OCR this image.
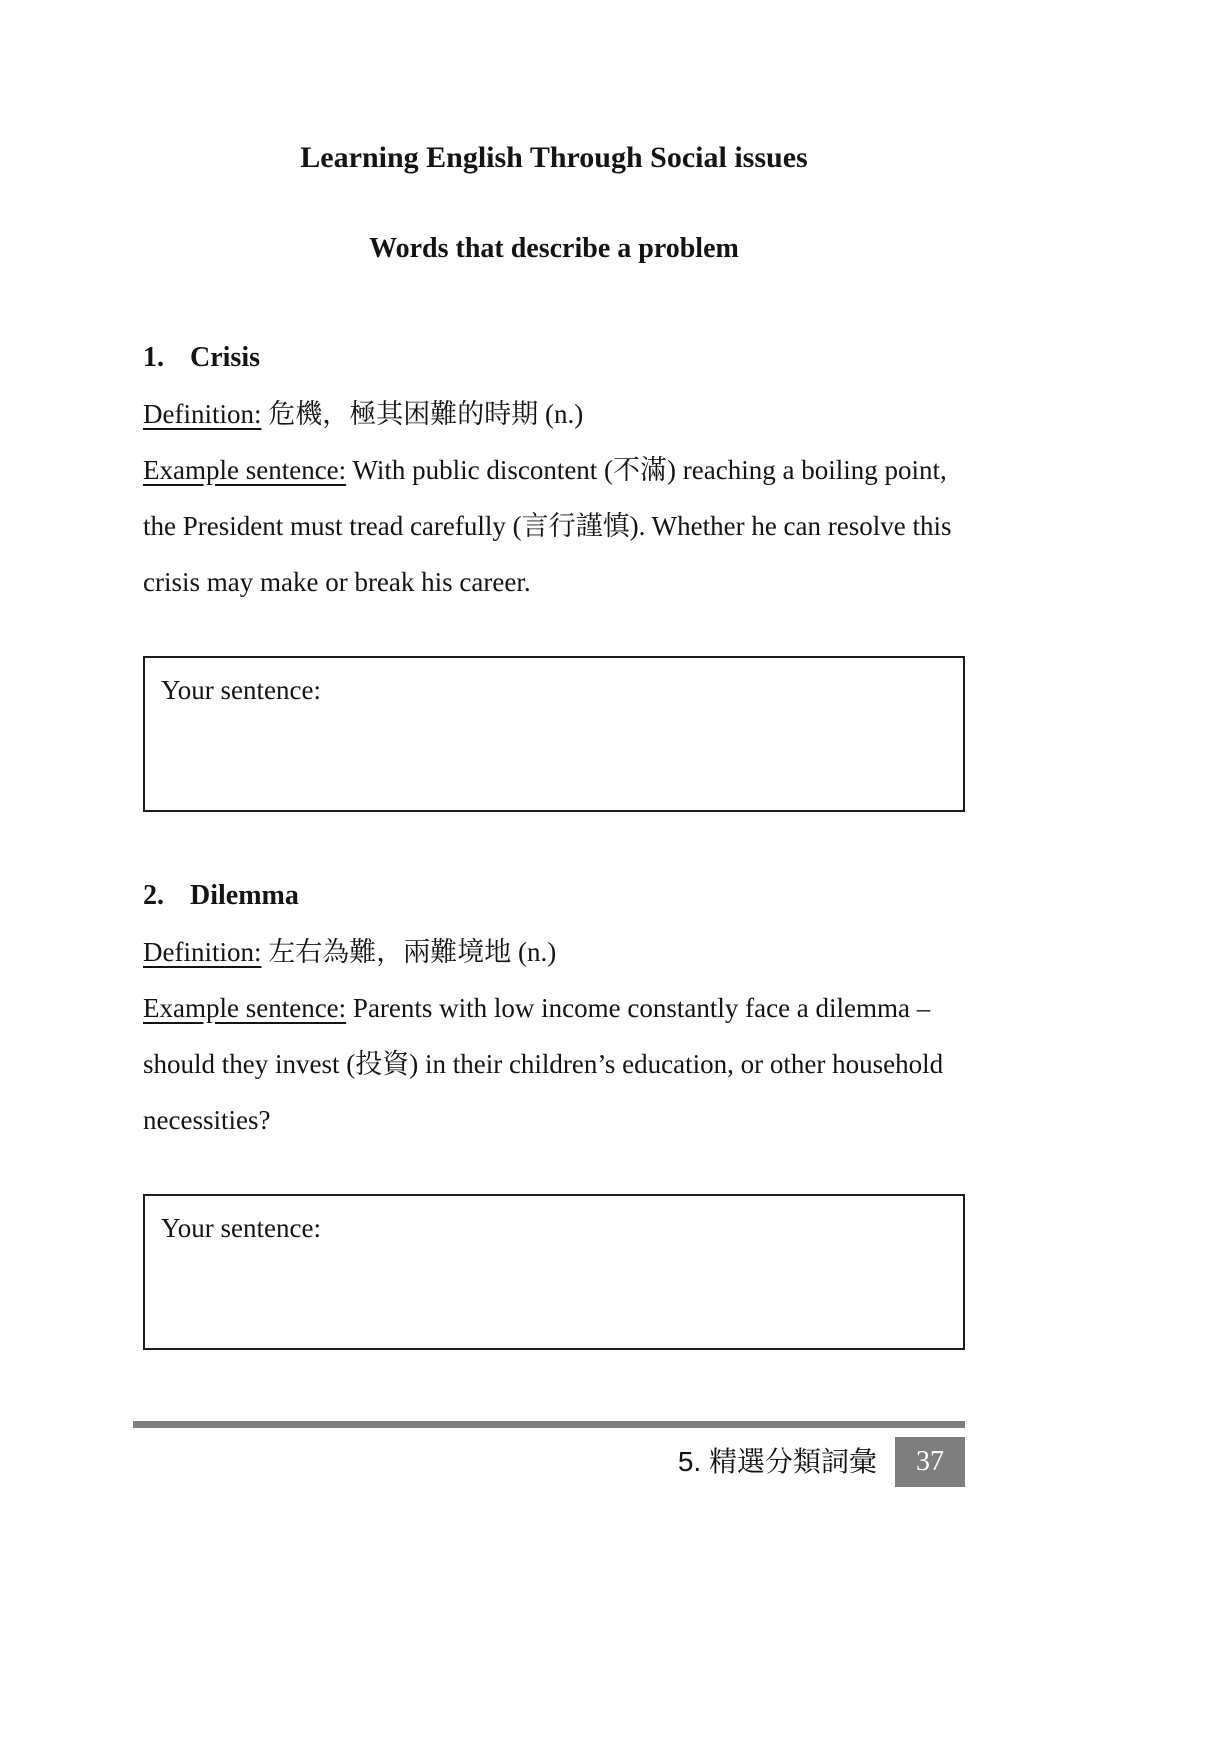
Learning English Through Social issues
Words that describe a problem
1. Crisis

Definition: 危機，極其困難的時期 (n.)

Example sentence: With public discontent (不滿) reaching a boiling point, the President must tread carefully (言行謹慎). Whether he can resolve this crisis may make or break his career.

Your sentence:
2. Dilemma

Definition: 左右為難，兩難境地 (n.)

Example sentence: Parents with low income constantly face a dilemma – should they invest (投資) in their children’s education, or other household necessities?

Your sentence:
5. 精選分類詞彙	37
